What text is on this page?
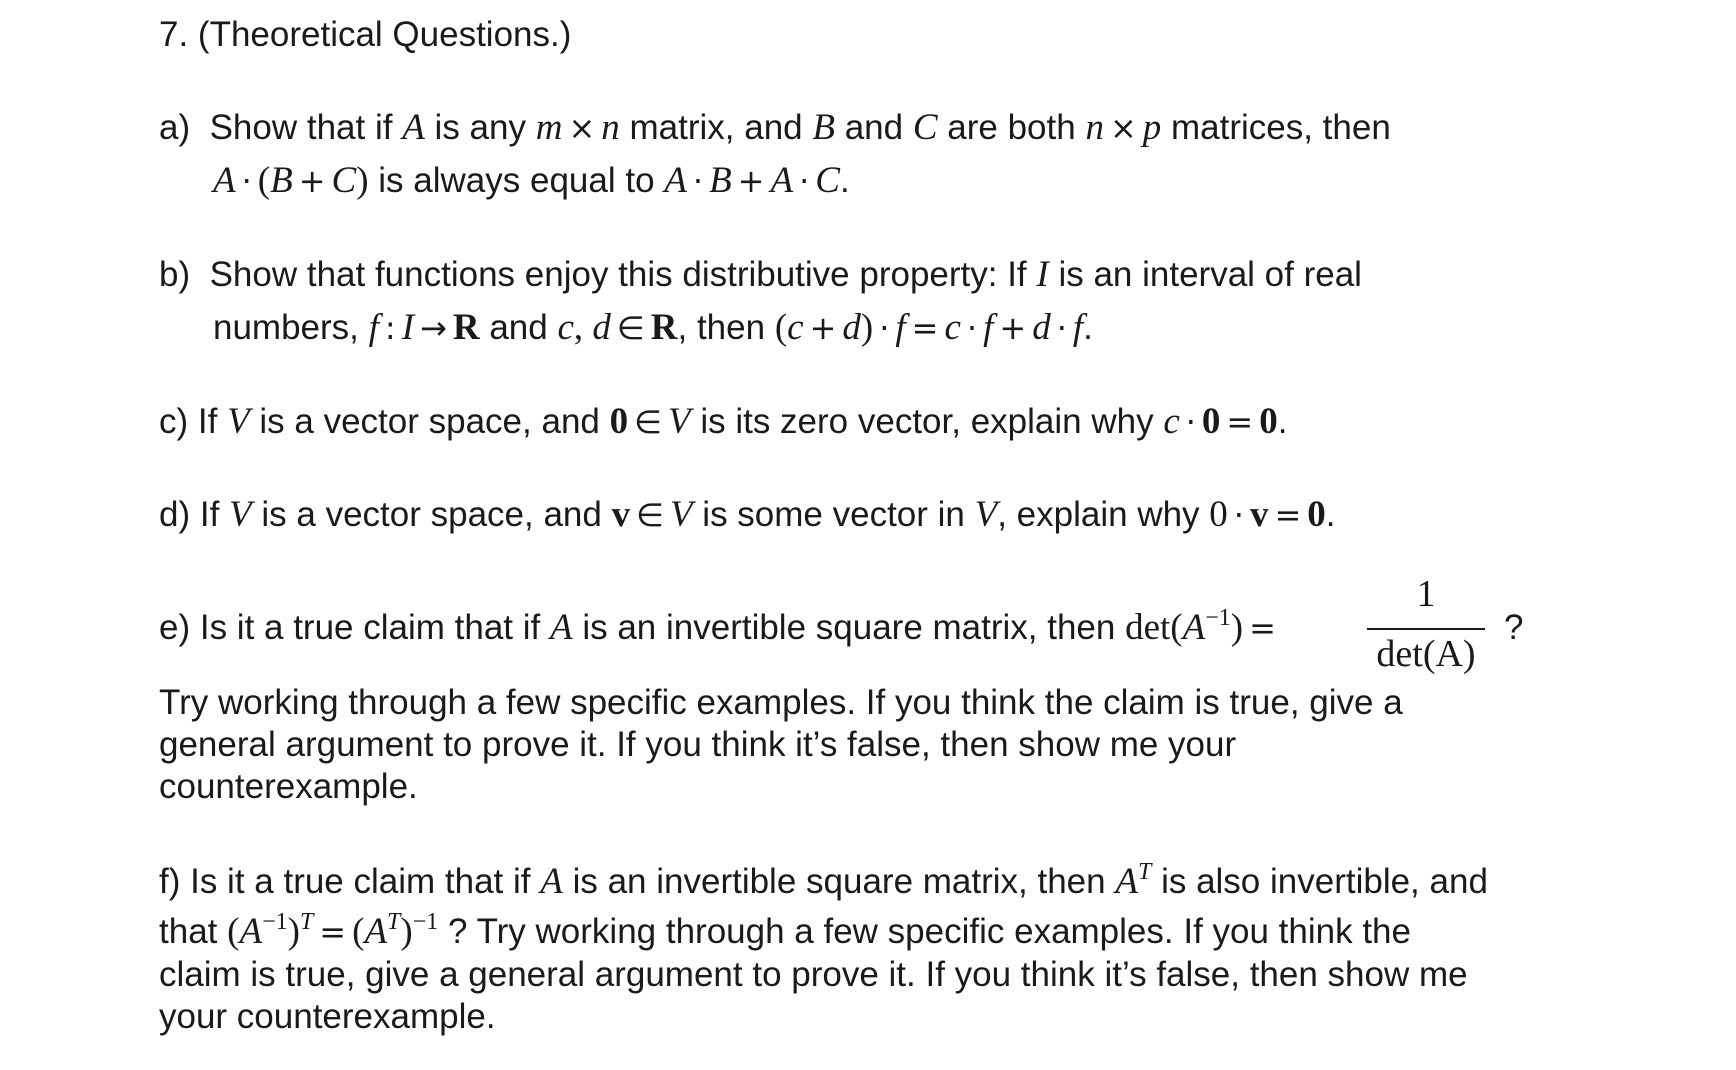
7. (Theoretical Questions.)
a) Show that if A is any m × n matrix, and B and C are both n × p matrices, then
A · (B + C) is always equal to A · B + A · C.
b) Show that functions enjoy this distributive property: If I is an interval of real
numbers, f : I → R and c, d ∈ R, then (c + d) · f = c · f + d · f.
c) If V is a vector space, and 0 ∈ V is its zero vector, explain why c · 0 = 0.
d) If V is a vector space, and v ∈ V is some vector in V, explain why 0 · v = 0.
e) Is it a true claim that if A is an invertible square matrix, then $\det(A^{-1})$ =
1
det(A)
?
Try working through a few specific examples. If you think the claim is true, give a
general argument to prove it. If you think it’s false, then show me your
counterexample.
f) Is it a true claim that if A is an invertible square matrix, then $A^T$ is also invertible, and
that $(A^{-1})^T = (A^T)^{-1}$ ? Try working through a few specific examples. If you think the
claim is true, give a general argument to prove it. If you think it’s false, then show me
your counterexample.
